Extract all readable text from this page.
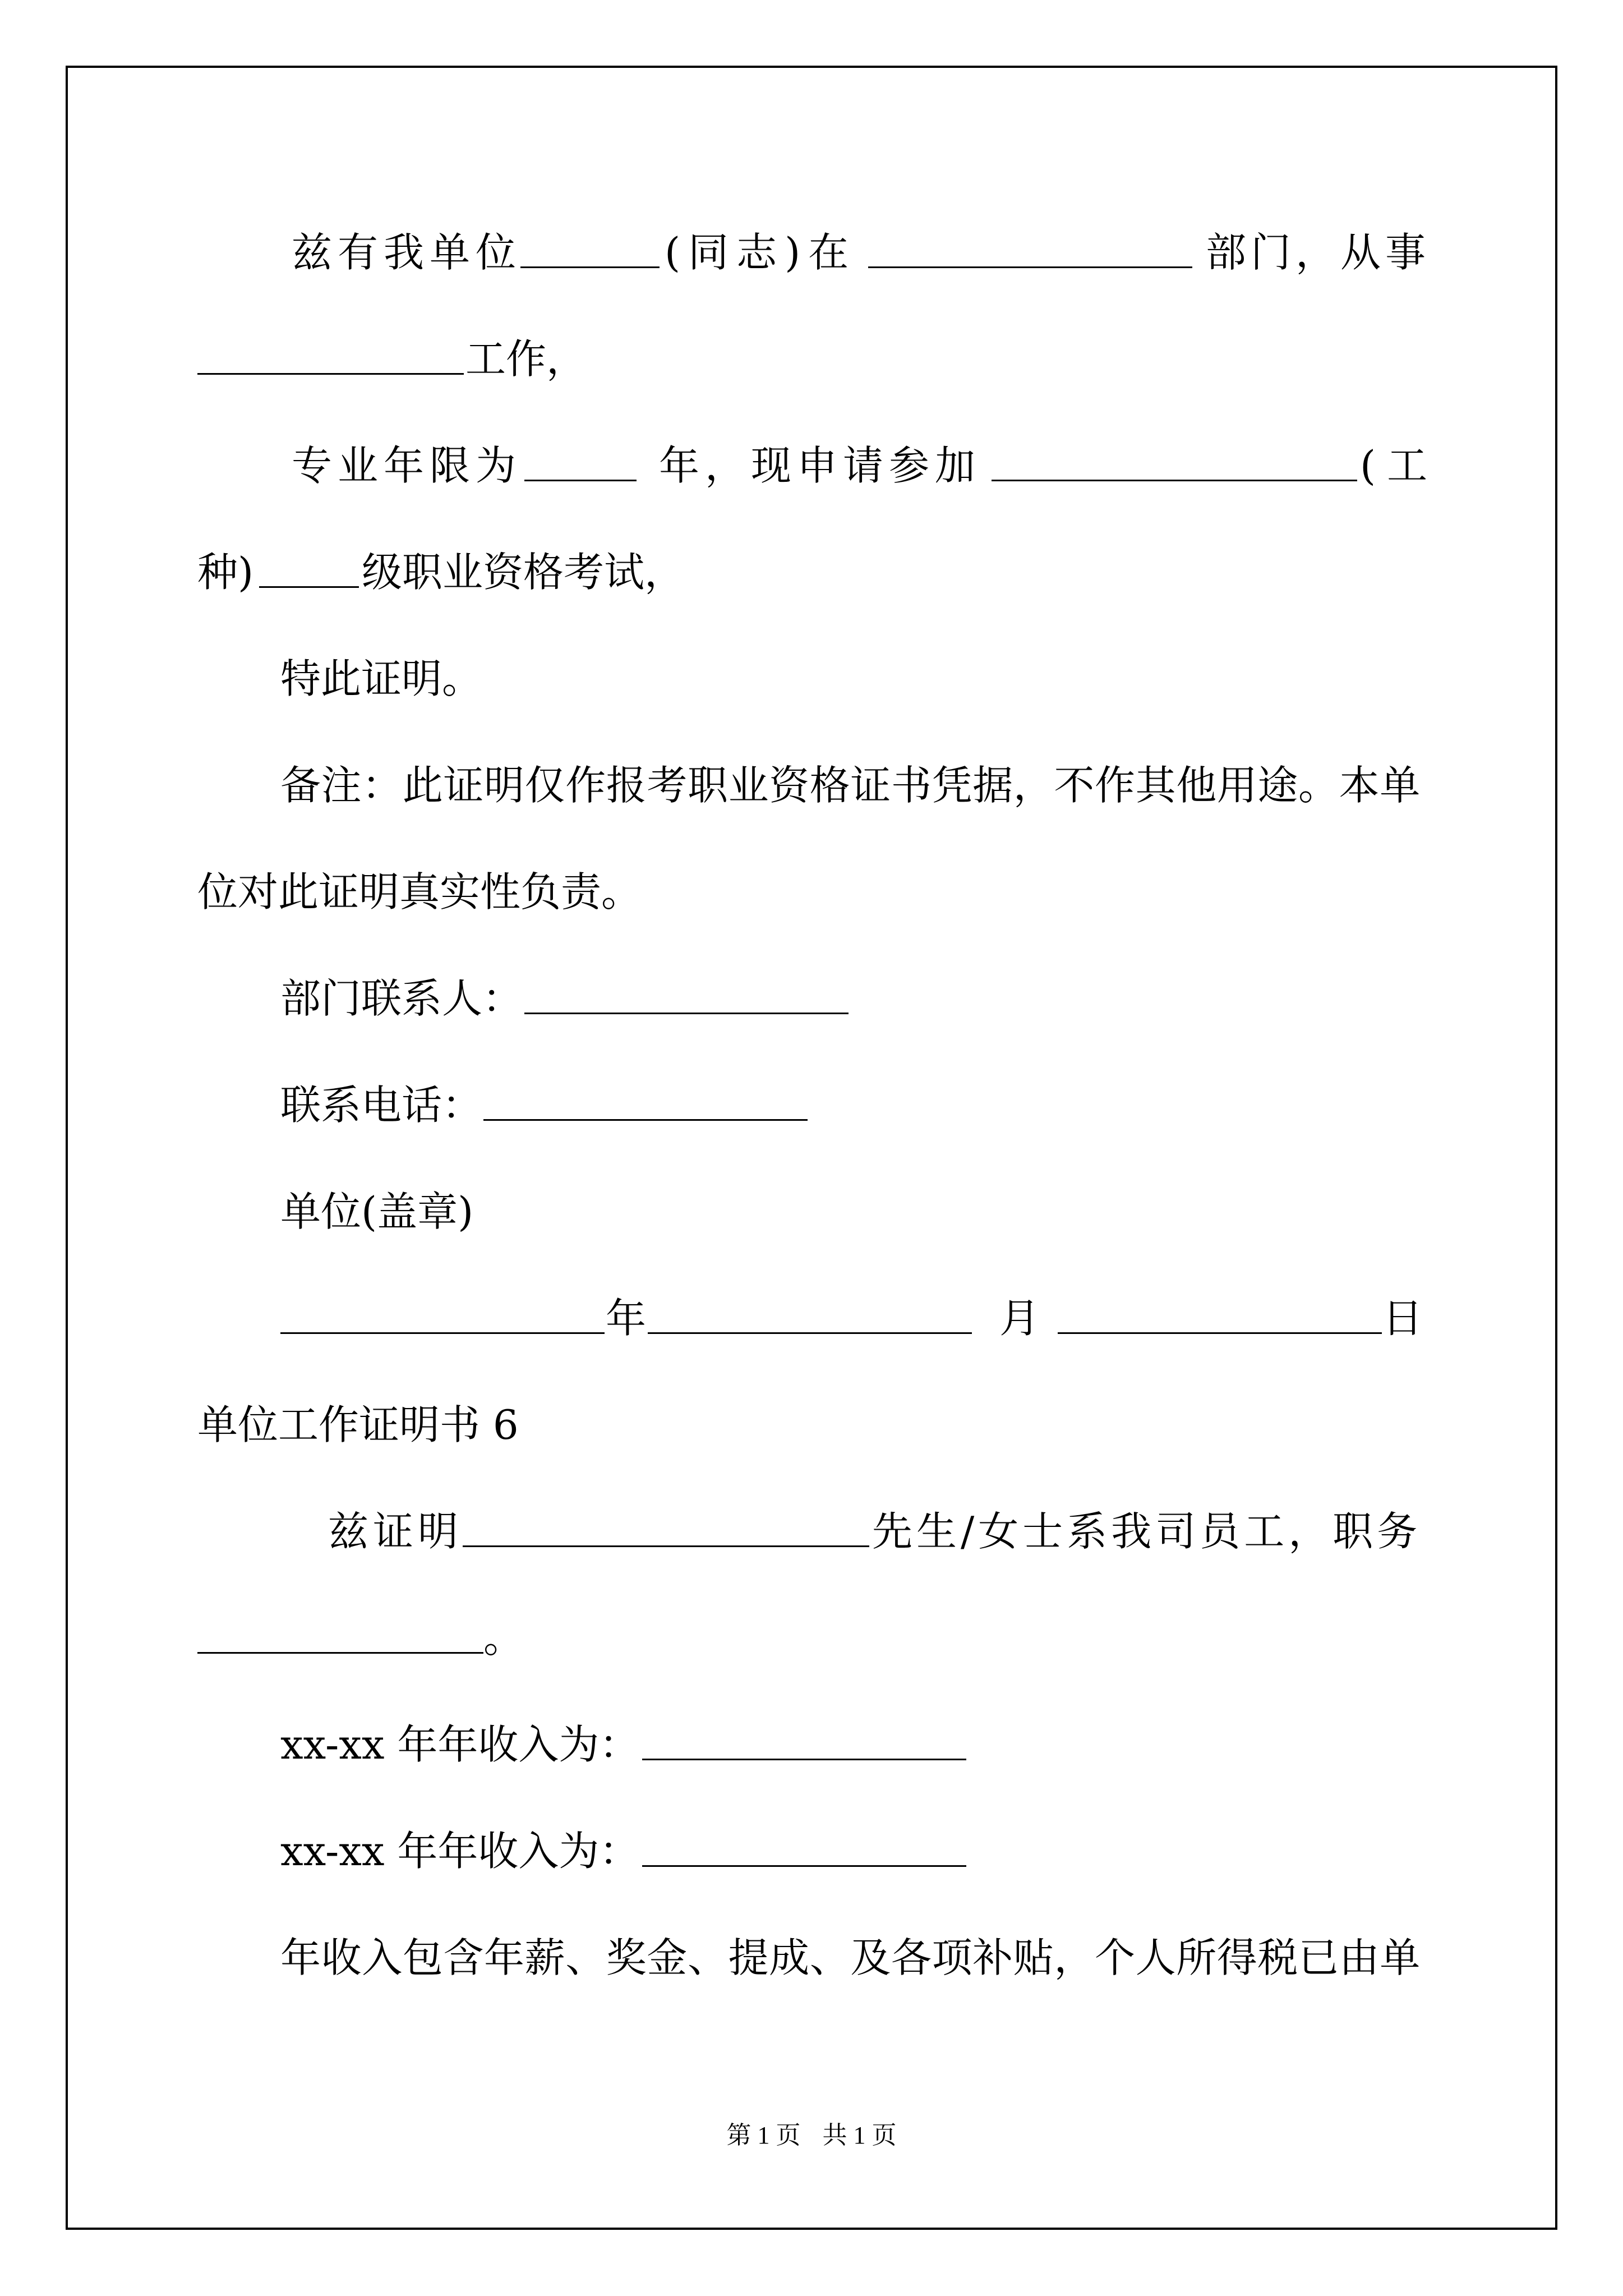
兹有我单位	(同志)在	部门，从事
工作，
专业年限为	年，现申请参加	(工
种)	级职业资格考试，
特此证明。
备注：此证明仅作报考职业资格证书凭据，不作其他用途。本单
位对此证明真实性负责。
部门联系人：
联系电话：
单位(盖章)
年	月	日
单位工作证明书 6
兹证明	先生/女士系我司员工，职务
。
xx-xx 年年收入为：
xx-xx 年年收入为：
年收入包含年薪、奖金、提成、及各项补贴，个人所得税已由单
第 1 页 共 1 页
